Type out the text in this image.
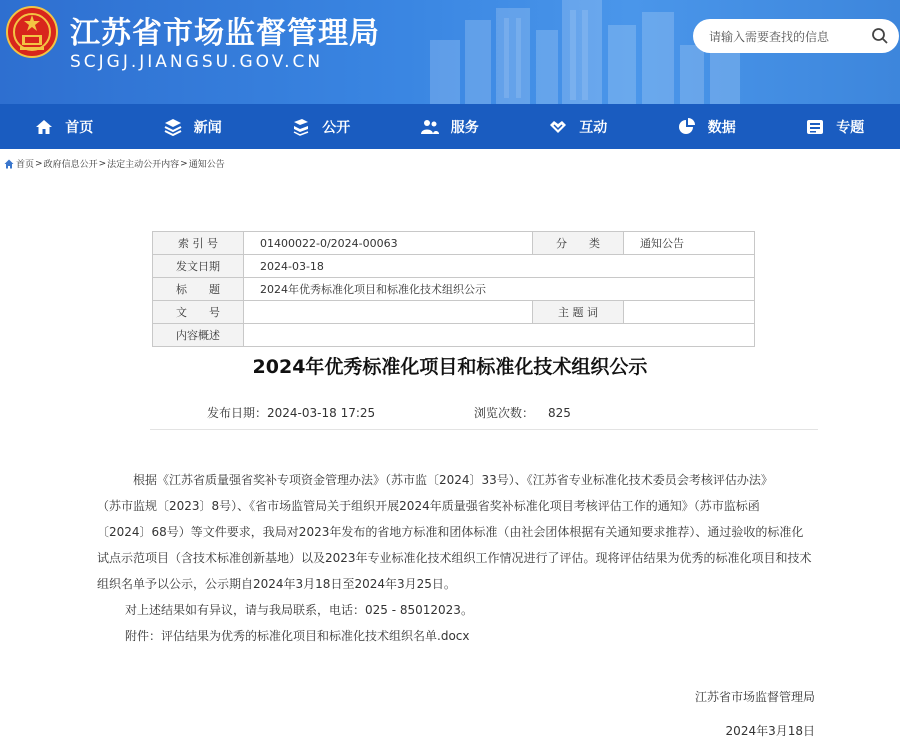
江苏省市场监督管理局
SCJGJ.JIANGSU.GOV.CN
请输入需要查找的信息
首页	新闻	公开	服务	互动	数据	专题
首页 > 政府信息公开 > 法定主动公开内容 > 通知公告
索 引 号	01400022-0/2024-00063	分　　类	通知公告
发文日期	2024-03-18		
标　　题	2024年优秀标准化项目和标准化技术组织公示		
文　　号		主 题 词	
内容概述			
2024年优秀标准化项目和标准化技术组织公示
发布日期：2024-03-18 17:25	浏览次数： 825
根据《江苏省质量强省奖补专项资金管理办法》（苏市监〔2024〕33号）、《江苏省专业标准化技术委员会考核评估办法》
（苏市监规〔2023〕8号）、《省市场监管局关于组织开展2024年质量强省奖补标准化项目考核评估工作的通知》（苏市监标函
〔2024〕68号）等文件要求，我局对2023年发布的省地方标准和团体标准（由社会团体根据有关通知要求推荐）、通过验收的标准化
试点示范项目（含技术标准创新基地）以及2023年专业标准化技术组织工作情况进行了评估。现将评估结果为优秀的标准化项目和技术
组织名单予以公示，公示期自2024年3月18日至2024年3月25日。
对上述结果如有异议，请与我局联系，电话：025 - 85012023。
附件：评估结果为优秀的标准化项目和标准化技术组织名单.docx
江苏省市场监督管理局
2024年3月18日
